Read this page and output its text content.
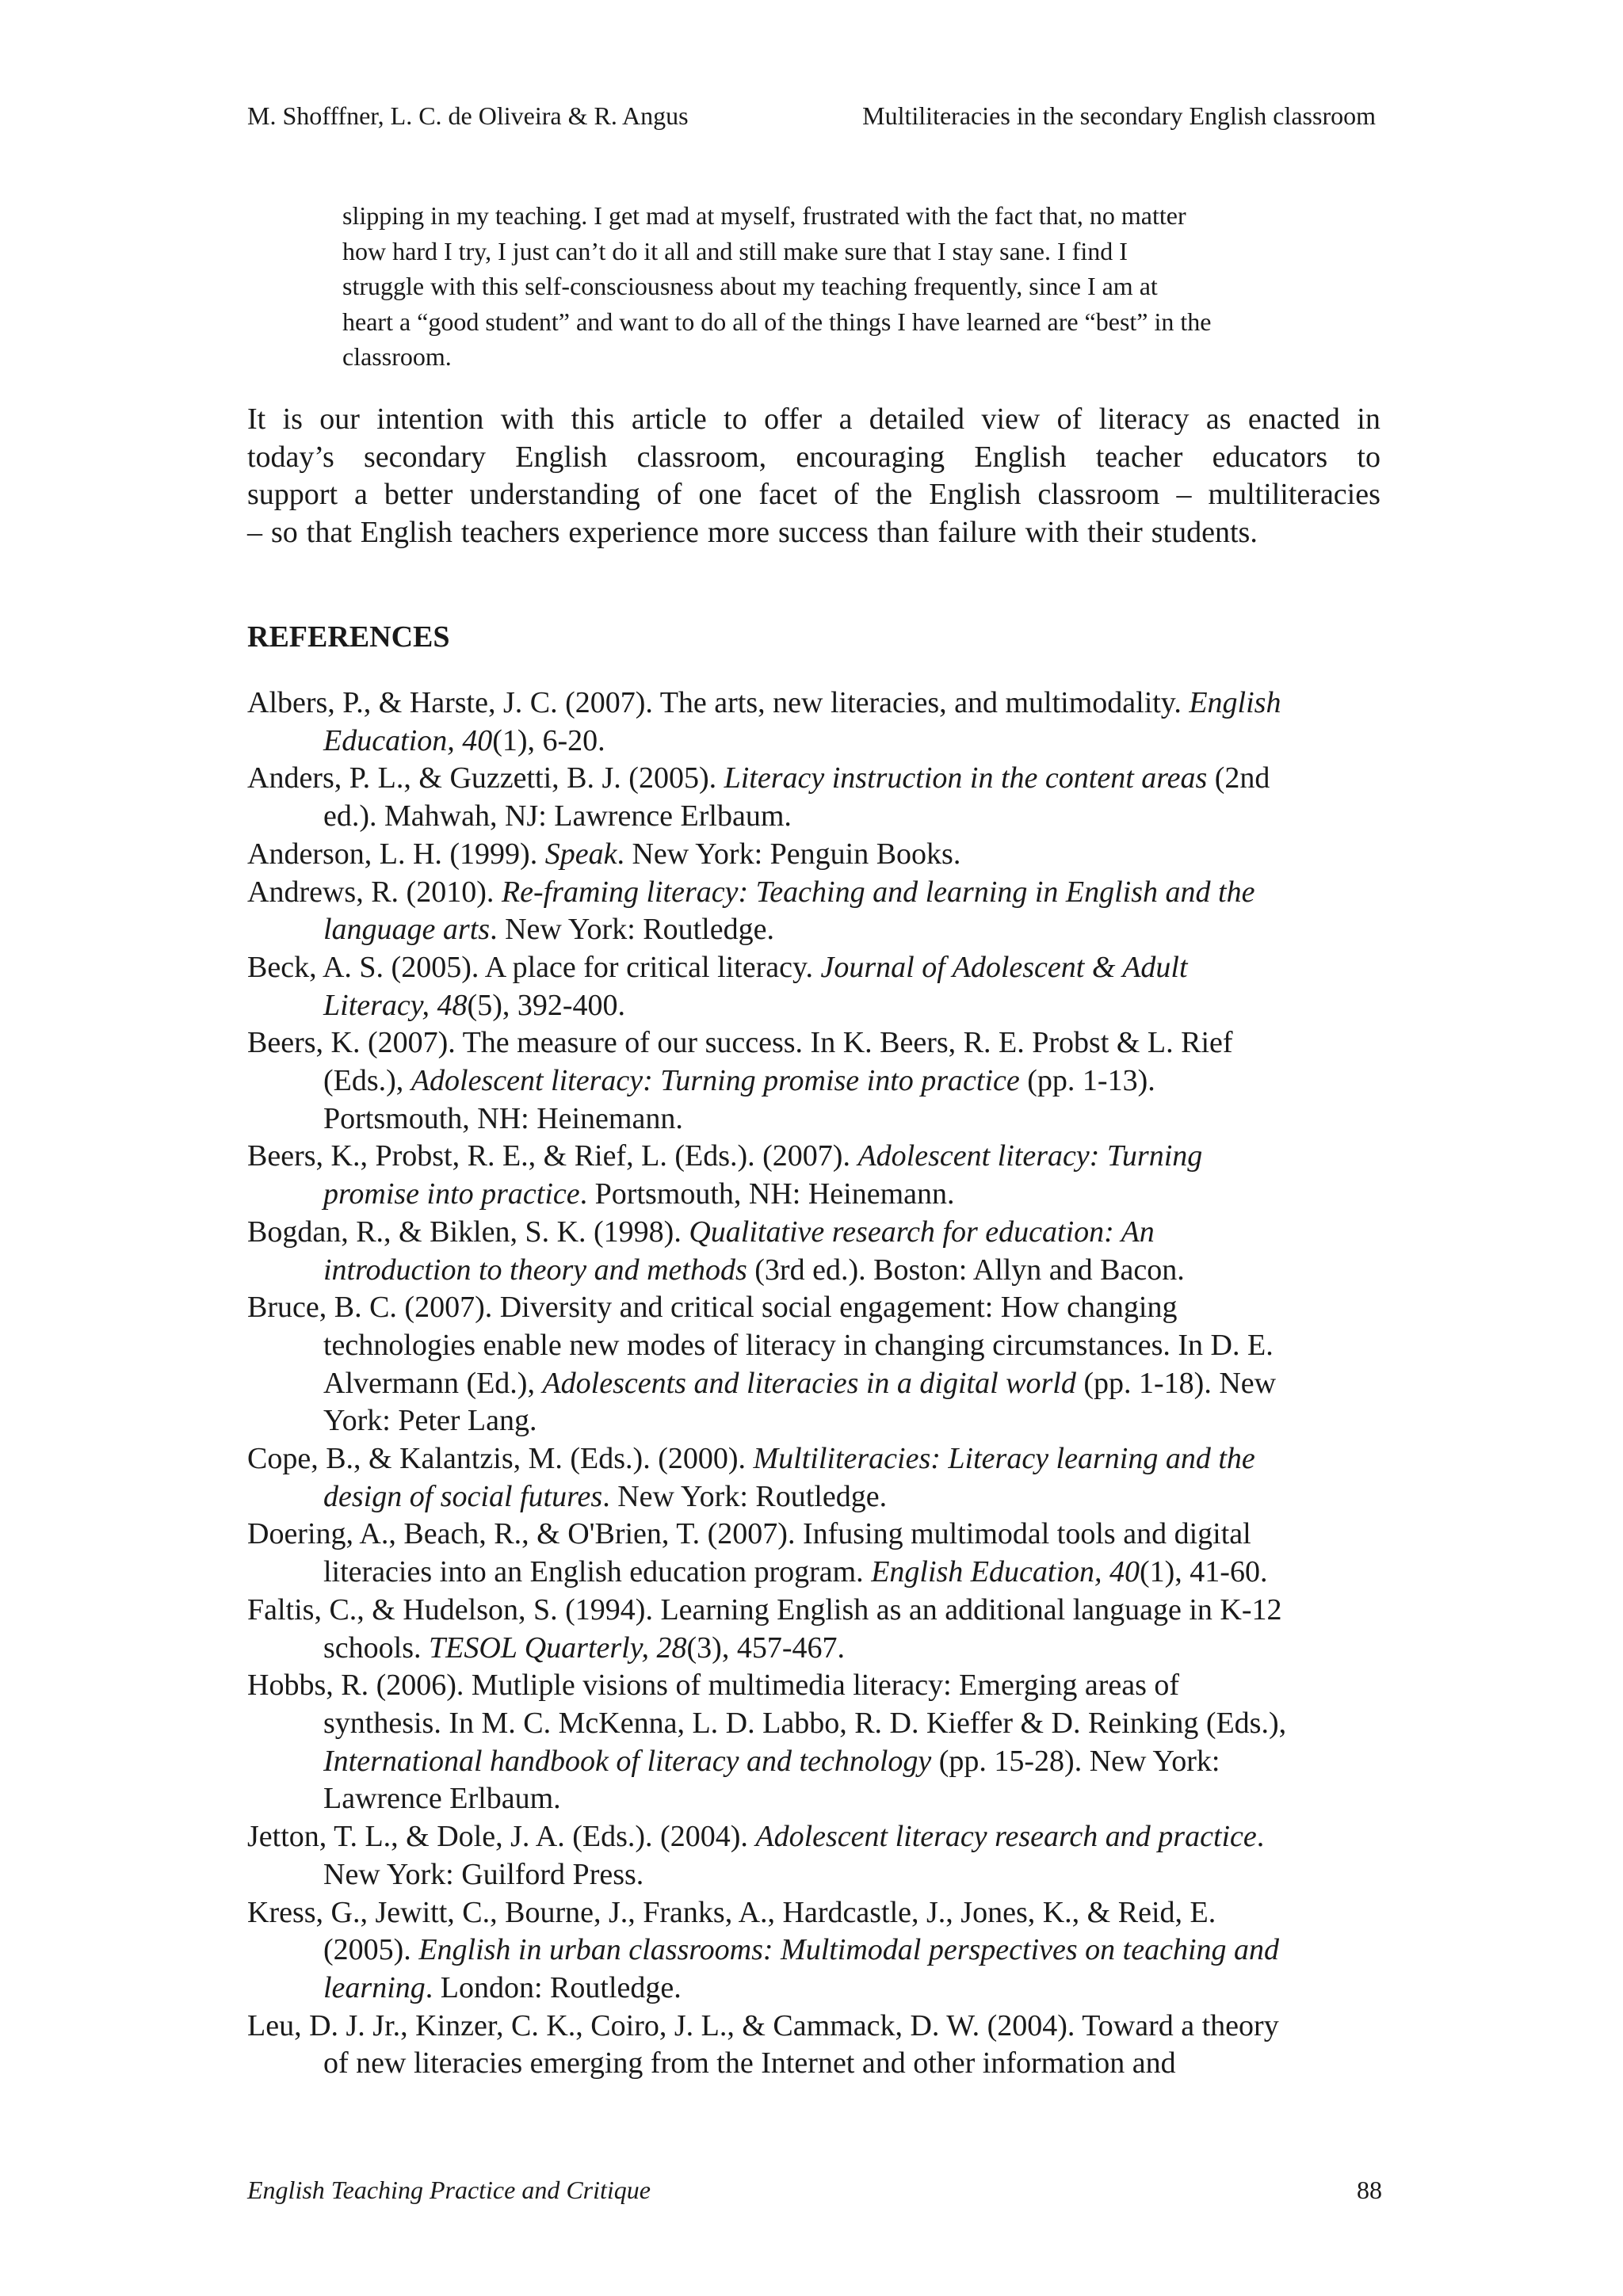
M. Shofffner, L. C. de Oliveira & R. Angus	Multiliteracies in the secondary English classroom
slipping in my teaching. I get mad at myself, frustrated with the fact that, no matter
how hard I try, I just can’t do it all and still make sure that I stay sane. I find I
struggle with this self-consciousness about my teaching frequently, since I am at
heart a “good student” and want to do all of the things I have learned are “best” in the
classroom.
It is our intention with this article to offer a detailed view of literacy as enacted in
today’s secondary English classroom, encouraging English teacher educators to
support a better understanding of one facet of the English classroom – multiliteracies
– so that English teachers experience more success than failure with their students.
REFERENCES
Albers, P., & Harste, J. C. (2007). The arts, new literacies, and multimodality. English
Education, 40(1), 6-20.
Anders, P. L., & Guzzetti, B. J. (2005). Literacy instruction in the content areas (2nd
ed.). Mahwah, NJ: Lawrence Erlbaum.
Anderson, L. H. (1999). Speak. New York: Penguin Books.
Andrews, R. (2010). Re-framing literacy: Teaching and learning in English and the
language arts. New York: Routledge.
Beck, A. S. (2005). A place for critical literacy. Journal of Adolescent & Adult
Literacy, 48(5), 392-400.
Beers, K. (2007). The measure of our success. In K. Beers, R. E. Probst & L. Rief
(Eds.), Adolescent literacy: Turning promise into practice (pp. 1-13).
Portsmouth, NH: Heinemann.
Beers, K., Probst, R. E., & Rief, L. (Eds.). (2007). Adolescent literacy: Turning
promise into practice. Portsmouth, NH: Heinemann.
Bogdan, R., & Biklen, S. K. (1998). Qualitative research for education: An
introduction to theory and methods (3rd ed.). Boston: Allyn and Bacon.
Bruce, B. C. (2007). Diversity and critical social engagement: How changing
technologies enable new modes of literacy in changing circumstances. In D. E.
Alvermann (Ed.), Adolescents and literacies in a digital world (pp. 1-18). New
York: Peter Lang.
Cope, B., & Kalantzis, M. (Eds.). (2000). Multiliteracies: Literacy learning and the
design of social futures. New York: Routledge.
Doering, A., Beach, R., & O'Brien, T. (2007). Infusing multimodal tools and digital
literacies into an English education program. English Education, 40(1), 41-60.
Faltis, C., & Hudelson, S. (1994). Learning English as an additional language in K-12
schools. TESOL Quarterly, 28(3), 457-467.
Hobbs, R. (2006). Mutliple visions of multimedia literacy: Emerging areas of
synthesis. In M. C. McKenna, L. D. Labbo, R. D. Kieffer & D. Reinking (Eds.),
International handbook of literacy and technology (pp. 15-28). New York:
Lawrence Erlbaum.
Jetton, T. L., & Dole, J. A. (Eds.). (2004). Adolescent literacy research and practice.
New York: Guilford Press.
Kress, G., Jewitt, C., Bourne, J., Franks, A., Hardcastle, J., Jones, K., & Reid, E.
(2005). English in urban classrooms: Multimodal perspectives on teaching and
learning. London: Routledge.
Leu, D. J. Jr., Kinzer, C. K., Coiro, J. L., & Cammack, D. W. (2004). Toward a theory
of new literacies emerging from the Internet and other information and
English Teaching Practice and Critique	88
